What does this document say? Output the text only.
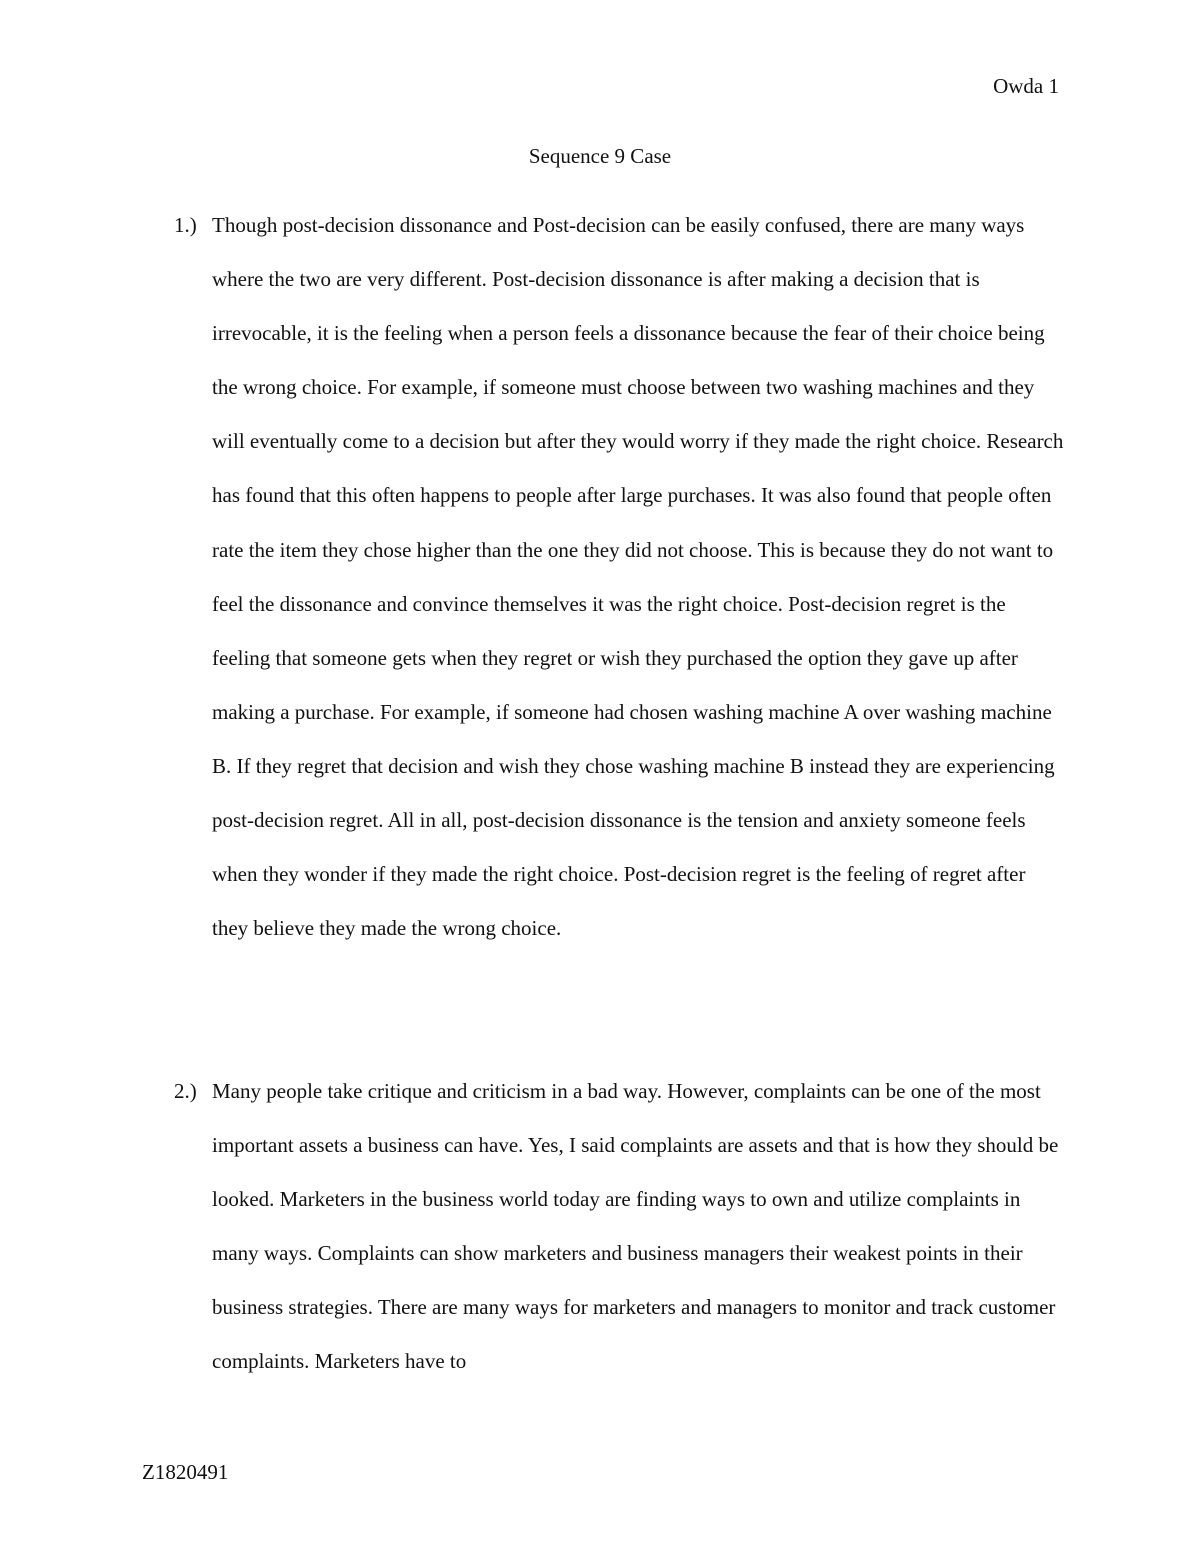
Owda 1
Sequence 9 Case
1.) Though post-decision dissonance and Post-decision can be easily confused, there are many ways where the two are very different. Post-decision dissonance is after making a decision that is irrevocable, it is the feeling when a person feels a dissonance because the fear of their choice being the wrong choice. For example, if someone must choose between two washing machines and they will eventually come to a decision but after they would worry if they made the right choice. Research has found that this often happens to people after large purchases. It was also found that people often rate the item they chose higher than the one they did not choose. This is because they do not want to feel the dissonance and convince themselves it was the right choice. Post-decision regret is the feeling that someone gets when they regret or wish they purchased the option they gave up after making a purchase. For example, if someone had chosen washing machine A over washing machine B. If they regret that decision and wish they chose washing machine B instead they are experiencing post-decision regret. All in all, post-decision dissonance is the tension and anxiety someone feels when they wonder if they made the right choice. Post-decision regret is the feeling of regret after they believe they made the wrong choice.
2.) Many people take critique and criticism in a bad way. However, complaints can be one of the most important assets a business can have. Yes, I said complaints are assets and that is how they should be looked. Marketers in the business world today are finding ways to own and utilize complaints in many ways. Complaints can show marketers and business managers their weakest points in their business strategies. There are many ways for marketers and managers to monitor and track customer complaints. Marketers have to
Z1820491
